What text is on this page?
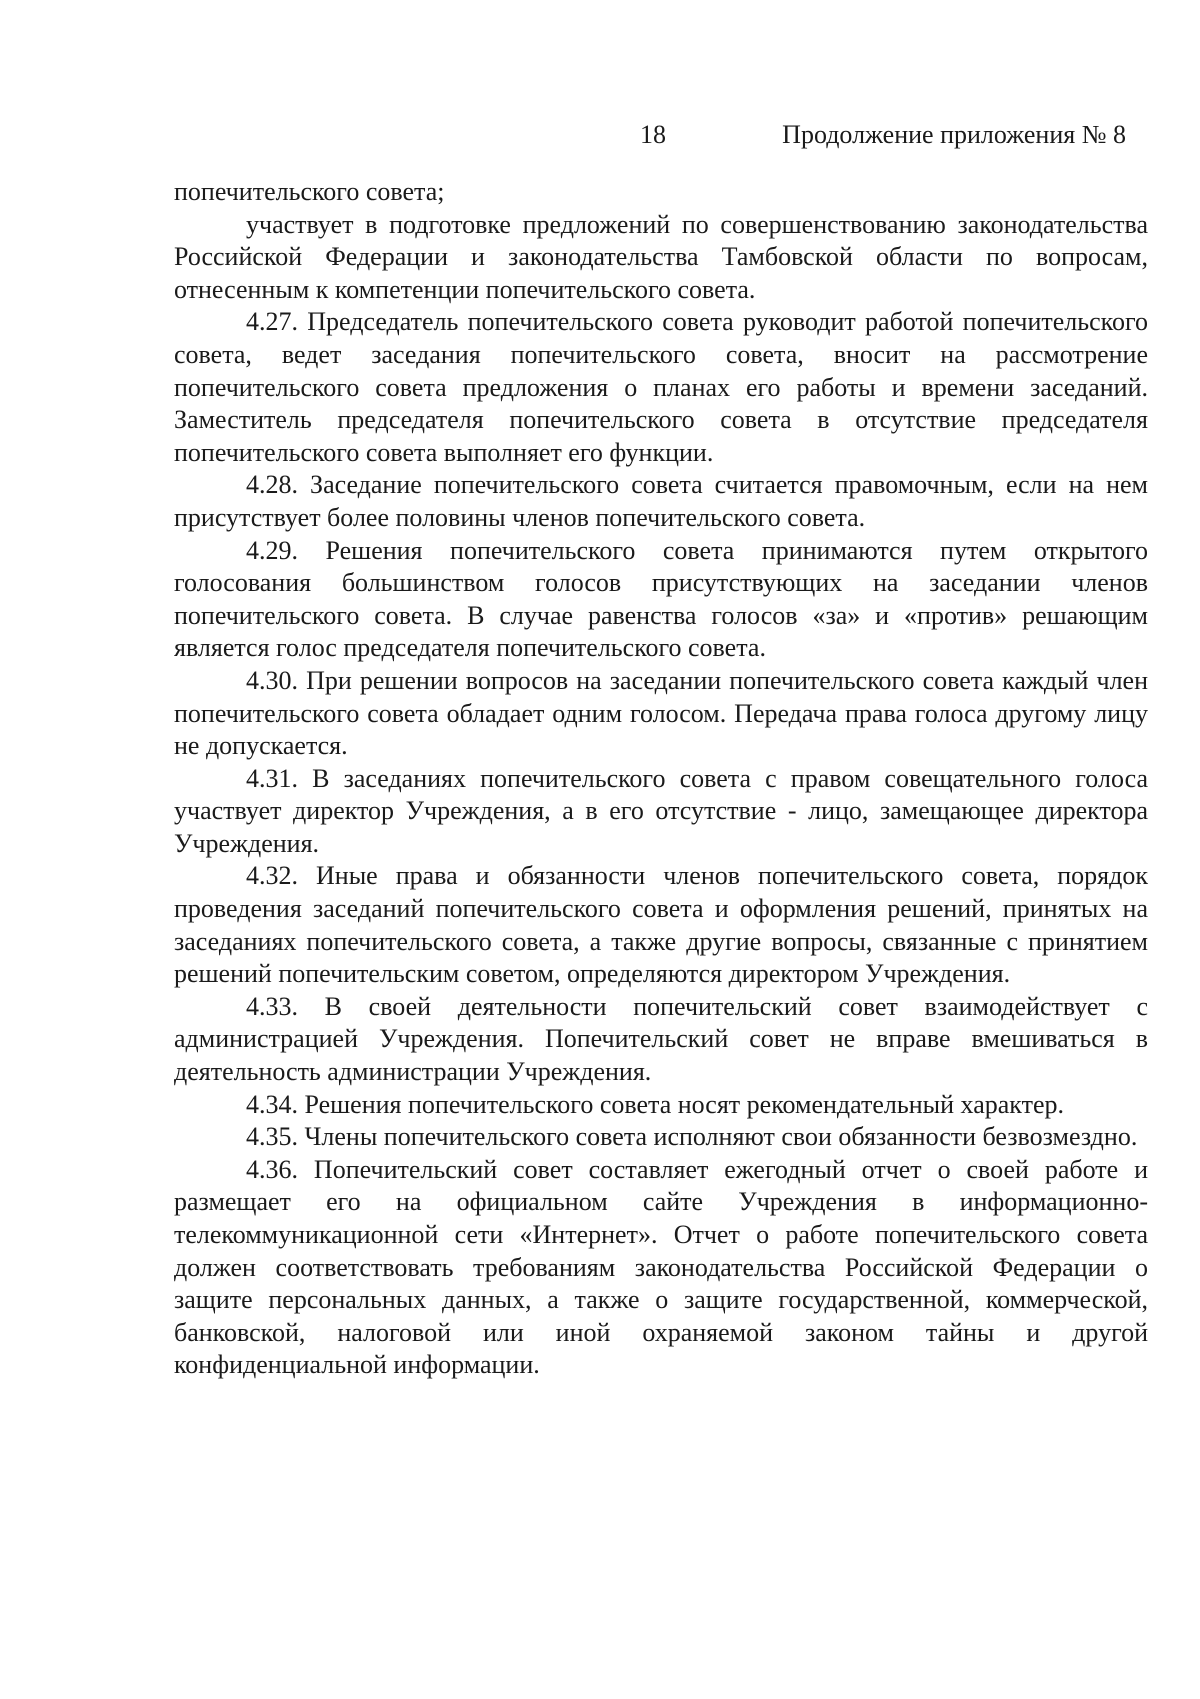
18	Продолжение приложения № 8

попечительского совета;

участвует в подготовке предложений по совершенствованию законодательства Российской Федерации и законодательства Тамбовской области по вопросам, отнесенным к компетенции попечительского совета.

4.27. Председатель попечительского совета руководит работой попечительского совета, ведет заседания попечительского совета, вносит на рассмотрение попечительского совета предложения о планах его работы и времени заседаний. Заместитель председателя попечительского совета в отсутствие председателя попечительского совета выполняет его функции.

4.28. Заседание попечительского совета считается правомочным, если на нем присутствует более половины членов попечительского совета.

4.29. Решения попечительского совета принимаются путем открытого голосования большинством голосов присутствующих на заседании членов попечительского совета. В случае равенства голосов «за» и «против» решающим является голос председателя попечительского совета.

4.30. При решении вопросов на заседании попечительского совета каждый член попечительского совета обладает одним голосом. Передача права голоса другому лицу не допускается.

4.31. В заседаниях попечительского совета с правом совещательного голоса участвует директор Учреждения, а в его отсутствие - лицо, замещающее директора Учреждения.

4.32. Иные права и обязанности членов попечительского совета, порядок проведения заседаний попечительского совета и оформления решений, принятых на заседаниях попечительского совета, а также другие вопросы, связанные с принятием решений попечительским советом, определяются директором Учреждения.

4.33. В своей деятельности попечительский совет взаимодействует с администрацией Учреждения. Попечительский совет не вправе вмешиваться в деятельность администрации Учреждения.

4.34. Решения попечительского совета носят рекомендательный характер.

4.35. Члены попечительского совета исполняют свои обязанности безвозмездно.

4.36. Попечительский совет составляет ежегодный отчет о своей работе и размещает его на официальном сайте Учреждения в информационно-телекоммуникационной сети «Интернет». Отчет о работе попечительского совета должен соответствовать требованиям законодательства Российской Федерации о защите персональных данных, а также о защите государственной, коммерческой, банковской, налоговой или иной охраняемой законом тайны и другой конфиденциальной информации.
